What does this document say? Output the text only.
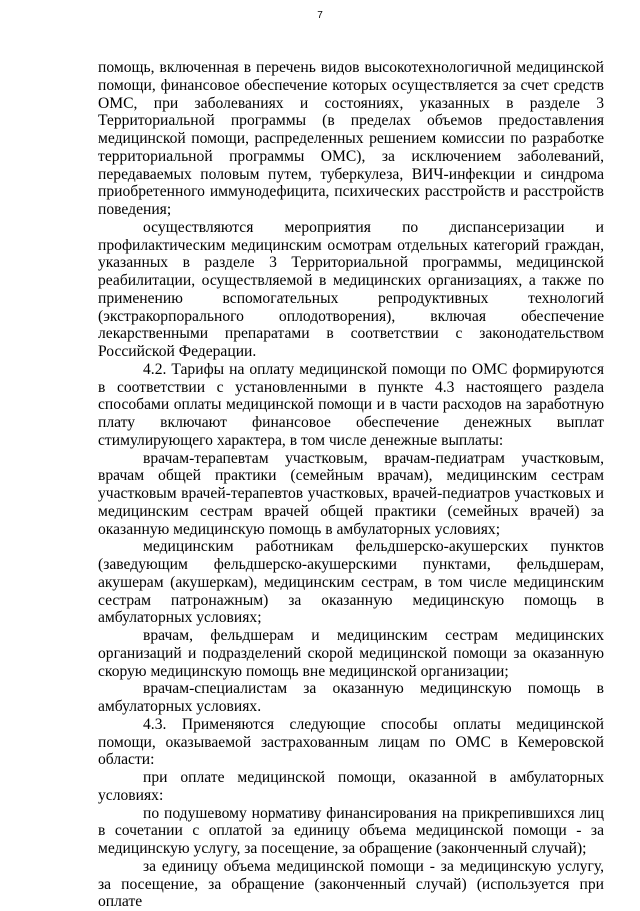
7

помощь, включенная в перечень видов высокотехнологичной медицинской помощи, финансовое обеспечение которых осуществляется за счет средств ОМС, при заболеваниях и состояниях, указанных в разделе 3 Территориальной программы (в пределах объемов предоставления медицинской помощи, распределенных решением комиссии по разработке территориальной программы ОМС), за исключением заболеваний, передаваемых половым путем, туберкулеза, ВИЧ-инфекции и синдрома приобретенного иммунодефицита, психических расстройств и расстройств поведения;

осуществляются мероприятия по диспансеризации и профилактическим медицинским осмотрам отдельных категорий граждан, указанных в разделе 3 Территориальной программы, медицинской реабилитации, осуществляемой в медицинских организациях, а также по применению вспомогательных репродуктивных технологий (экстракорпорального оплодотворения), включая обеспечение лекарственными препаратами в соответствии с законодательством Российской Федерации.

4.2. Тарифы на оплату медицинской помощи по ОМС формируются в соответствии с установленными в пункте 4.3 настоящего раздела способами оплаты медицинской помощи и в части расходов на заработную плату включают финансовое обеспечение денежных выплат стимулирующего характера, в том числе денежные выплаты:

врачам-терапевтам участковым, врачам-педиатрам участковым, врачам общей практики (семейным врачам), медицинским сестрам участковым врачей-терапевтов участковых, врачей-педиатров участковых и медицинским сестрам врачей общей практики (семейных врачей) за оказанную медицинскую помощь в амбулаторных условиях;

медицинским работникам фельдшерско-акушерских пунктов (заведующим фельдшерско-акушерскими пунктами, фельдшерам, акушерам (акушеркам), медицинским сестрам, в том числе медицинским сестрам патронажным) за оказанную медицинскую помощь в амбулаторных условиях;

врачам, фельдшерам и медицинским сестрам медицинских организаций и подразделений скорой медицинской помощи за оказанную скорую медицинскую помощь вне медицинской организации;

врачам-специалистам за оказанную медицинскую помощь в амбулаторных условиях.

4.3. Применяются следующие способы оплаты медицинской помощи, оказываемой застрахованным лицам по ОМС в Кемеровской области:

при оплате медицинской помощи, оказанной в амбулаторных условиях:

по подушевому нормативу финансирования на прикрепившихся лиц в сочетании с оплатой за единицу объема медицинской помощи - за медицинскую услугу, за посещение, за обращение (законченный случай);

за единицу объема медицинской помощи - за медицинскую услугу, за посещение, за обращение (законченный случай) (используется при оплате
